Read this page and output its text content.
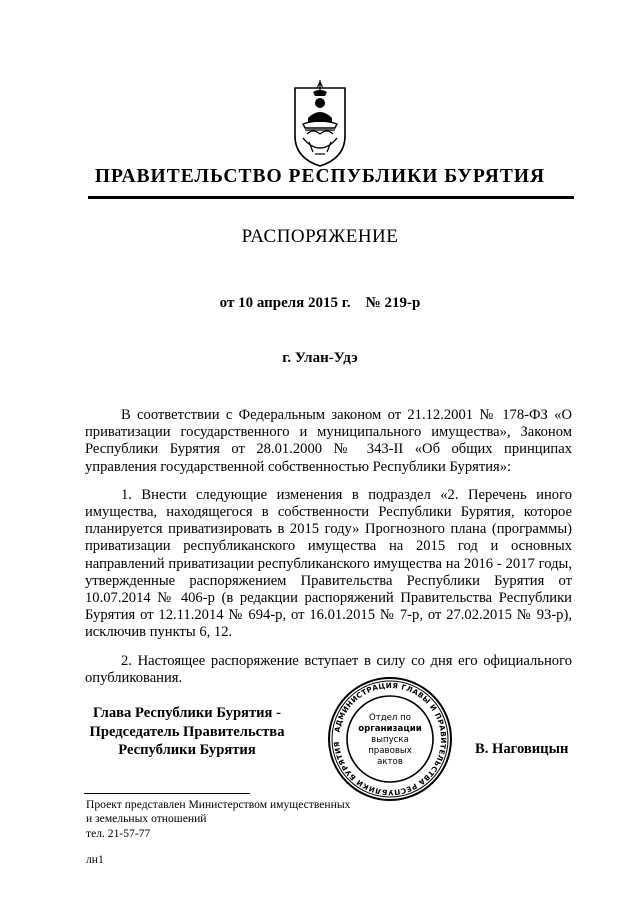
ПРАВИТЕЛЬСТВО РЕСПУБЛИКИ БУРЯТИЯ
РАСПОРЯЖЕНИЕ
от 10 апреля 2015 г.    № 219-р
г. Улан-Удэ

В соответствии с Федеральным законом от 21.12.2001 № 178-ФЗ «О приватизации государственного и муниципального имущества», Законом Республики Бурятия от 28.01.2000 № 343-II «Об общих принципах управления государственной собственностью Республики Бурятия»:

1. Внести следующие изменения в подраздел «2. Перечень иного имущества, находящегося в собственности Республики Бурятия, которое планируется приватизировать в 2015 году» Прогнозного плана (программы) приватизации республиканского имущества на 2015 год и основных направлений приватизации республиканского имущества на 2016 - 2017 годы, утвержденные распоряжением Правительства Республики Бурятия от 10.07.2014 № 406-р (в редакции распоряжений Правительства Республики Бурятия от 12.11.2014 № 694-р, от 16.01.2015 № 7-р, от 27.02.2015 № 93-р), исключив пункты 6, 12.

2. Настоящее распоряжение вступает в силу со дня его официального опубликования.

Глава Республики Бурятия -
Председатель Правительства
Республики Бурятия
АДМИНИСТРАЦИЯ ГЛАВЫ И ПРАВИТЕЛЬСТВА РЕСПУБЛИКИ БУРЯТИЯ
Отдел по
организации
выпуска
правовых
актов
В. Наговицын
Проект представлен Министерством имущественных
и земельных отношений
тел. 21-57-77
лн1
